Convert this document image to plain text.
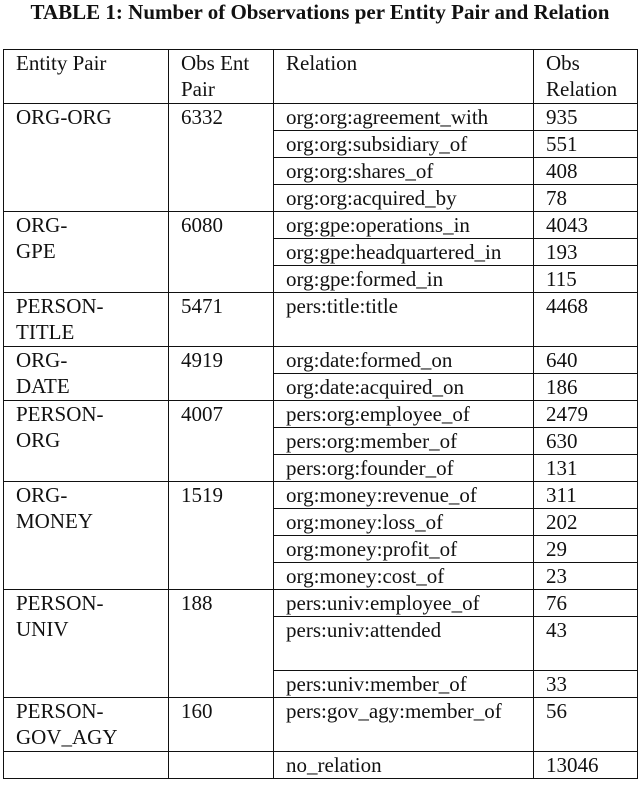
TABLE 1: Number of Observations per Entity Pair and Relation
Entity Pair	Obs Ent Pair	Relation	Obs Relation
ORG-ORG	6332	org:org:agreement_with	935
		org:org:subsidiary_of	551
		org:org:shares_of	408
		org:org:acquired_by	78

ORG-
GPE	6080	org:gpe:operations_in	4043
		org:gpe:headquartered_in	193
		org:gpe:formed_in	115

PERSON-
TITLE	5471	pers:title:title	4468

ORG-
DATE	4919	org:date:formed_on	640
		org:date:acquired_on	186

PERSON-
ORG	4007	pers:org:employee_of	2479
		pers:org:member_of	630
		pers:org:founder_of	131

ORG-
MONEY	1519	org:money:revenue_of	311
		org:money:loss_of	202
		org:money:profit_of	29
		org:money:cost_of	23

PERSON-
UNIV	188	pers:univ:employee_of	76
		pers:univ:attended	43
		pers:univ:member_of	33

PERSON-
GOV_AGY	160	pers:gov_agy:member_of	56
		no_relation	13046
